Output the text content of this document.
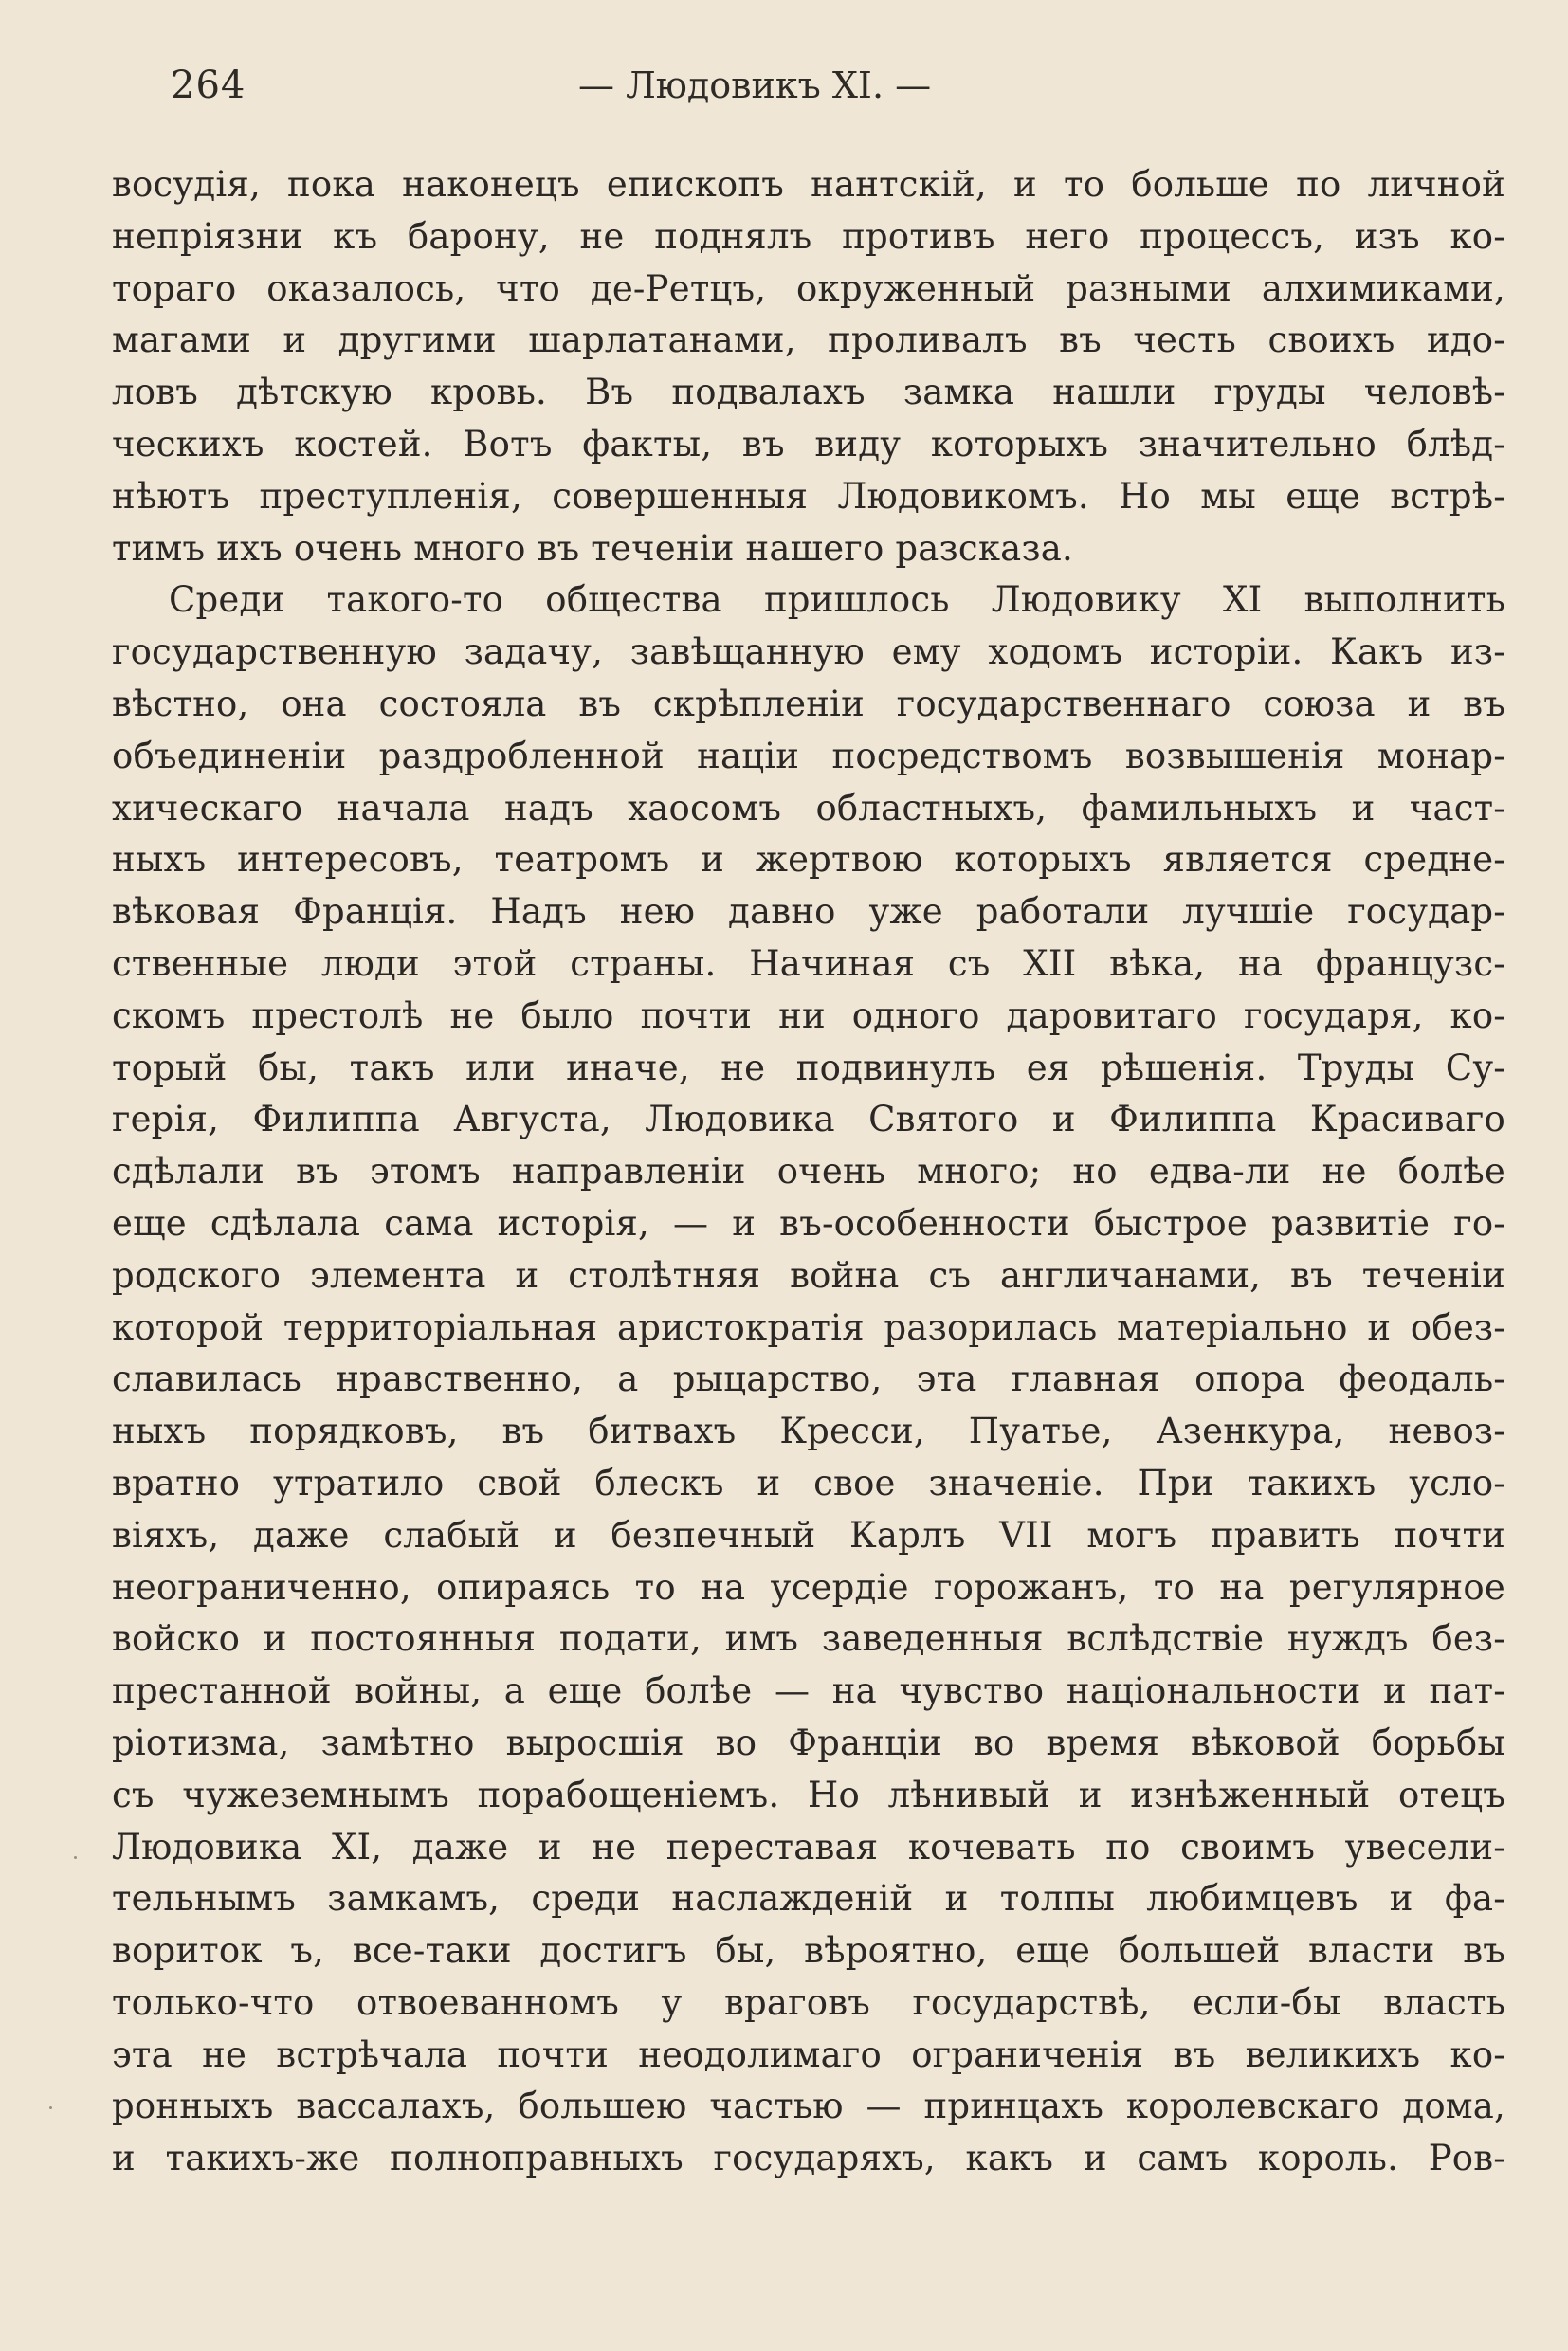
264	— Людовикъ XI. —
восудія, пока наконецъ епископъ нантскій, и то больше по личной
непріязни къ барону, не поднялъ противъ него процессъ, изъ ко-
тораго оказалось, что де-Ретцъ, окруженный разными алхимиками,
магами и другими шарлатанами, проливалъ въ честь своихъ идо-
ловъ дѣтскую кровь. Въ подвалахъ замка нашли груды человѣ-
ческихъ костей. Вотъ факты, въ виду которыхъ значительно блѣд-
нѣютъ преступленія, совершенныя Людовикомъ. Но мы еще встрѣ-
тимъ ихъ очень много въ теченіи нашего разсказа.
Среди такого-то общества пришлось Людовику XI выполнить
государственную задачу, завѣщанную ему ходомъ исторіи. Какъ из-
вѣстно, она состояла въ скрѣпленіи государственнаго союза и въ
объединеніи раздробленной націи посредствомъ возвышенія монар-
хическаго начала надъ хаосомъ областныхъ, фамильныхъ и част-
ныхъ интересовъ, театромъ и жертвою которыхъ является средне-
вѣковая Франція. Надъ нею давно уже работали лучшіе государ-
ственные люди этой страны. Начиная съ XII вѣка, на французс-
скомъ престолѣ не было почти ни одного даровитаго государя, ко-
торый бы, такъ или иначе, не подвинулъ ея рѣшенія. Труды Су-
герія, Филиппа Августа, Людовика Святого и Филиппа Красиваго
сдѣлали въ этомъ направленіи очень много; но едва-ли не болѣе
еще сдѣлала сама исторія, — и въ-особенности быстрое развитіе го-
родского элемента и столѣтняя война съ англичанами, въ теченіи
которой территоріальная аристократія разорилась матеріально и обез-
славилась нравственно, а рыцарство, эта главная опора феодаль-
ныхъ порядковъ, въ битвахъ Кресси, Пуатье, Азенкура, невоз-
вратно утратило свой блескъ и свое значеніе. При такихъ усло-
віяхъ, даже слабый и безпечный Карлъ VII могъ править почти
неограниченно, опираясь то на усердіе горожанъ, то на регулярное
войско и постоянныя подати, имъ заведенныя вслѣдствіе нуждъ без-
престанной войны, а еще болѣе — на чувство національности и пат-
ріотизма, замѣтно выросшія во Франціи во время вѣковой борьбы
съ чужеземнымъ порабощеніемъ. Но лѣнивый и изнѣженный отецъ
Людовика XI, даже и не переставая кочевать по своимъ увесели-
тельнымъ замкамъ, среди наслажденій и толпы любимцевъ и фа-
вориток ъ, все-таки достигъ бы, вѣроятно, еще большей власти въ
только-что отвоеванномъ у враговъ государствѣ, если-бы власть
эта не встрѣчала почти неодолимаго ограниченія въ великихъ ко-
ронныхъ вассалахъ, большею частью — принцахъ королевскаго дома,
и такихъ-же полноправныхъ государяхъ, какъ и самъ король. Ров-
